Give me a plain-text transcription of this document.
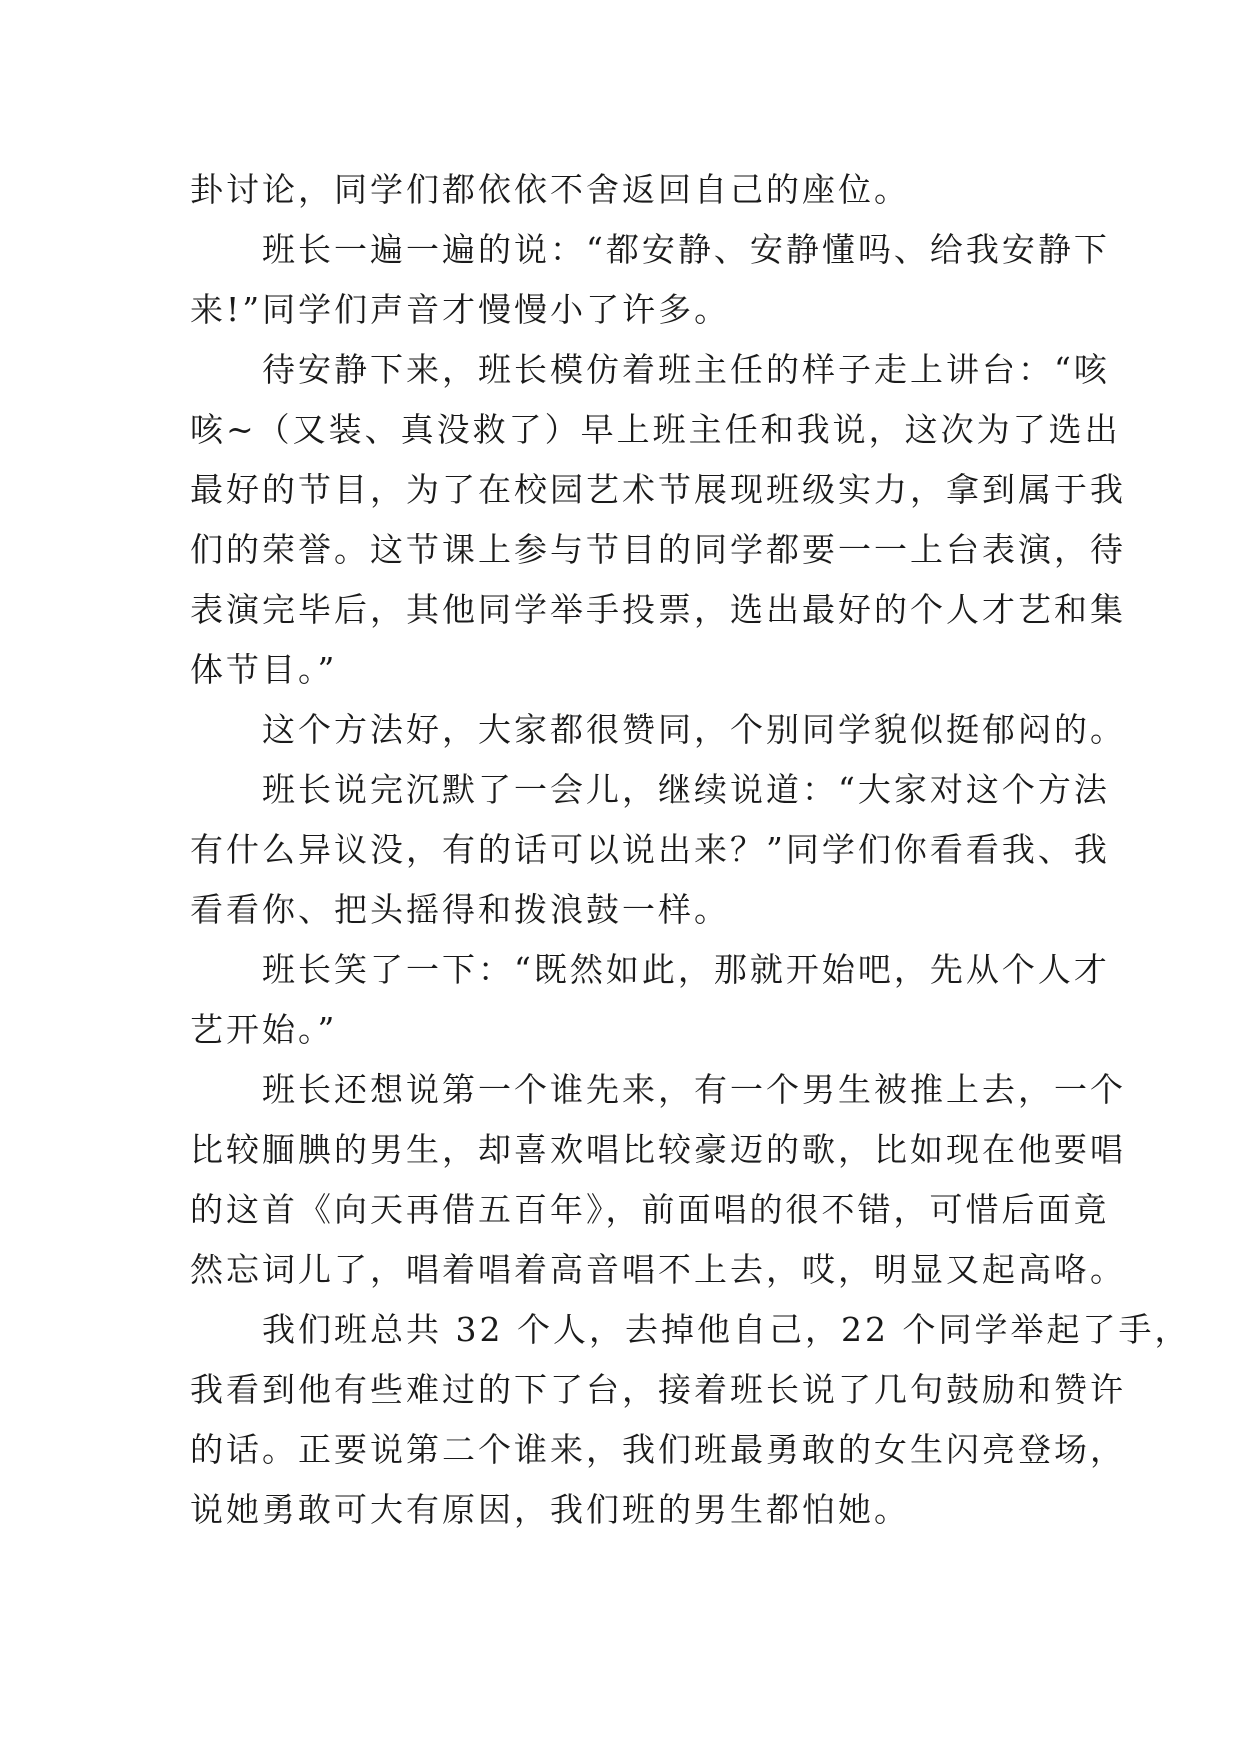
卦讨论，同学们都依依不舍返回自己的座位。

　　班长一遍一遍的说：“都安静、安静懂吗、给我安静下

来!”同学们声音才慢慢小了许多。

　　待安静下来，班长模仿着班主任的样子走上讲台：“咳

咳~（又装、真没救了）早上班主任和我说，这次为了选出

最好的节目，为了在校园艺术节展现班级实力，拿到属于我

们的荣誉。这节课上参与节目的同学都要一一上台表演，待

表演完毕后，其他同学举手投票，选出最好的个人才艺和集

体节目。”

　　这个方法好，大家都很赞同，个别同学貌似挺郁闷的。

　　班长说完沉默了一会儿，继续说道：“大家对这个方法

有什么异议没，有的话可以说出来？”同学们你看看我、我

看看你、把头摇得和拨浪鼓一样。

　　班长笑了一下：“既然如此，那就开始吧，先从个人才

艺开始。”

　　班长还想说第一个谁先来，有一个男生被推上去，一个

比较腼腆的男生，却喜欢唱比较豪迈的歌，比如现在他要唱

的这首《向天再借五百年》，前面唱的很不错，可惜后面竟

然忘词儿了，唱着唱着高音唱不上去，哎，明显又起高咯。

　　我们班总共 32 个人，去掉他自己，22 个同学举起了手，

我看到他有些难过的下了台，接着班长说了几句鼓励和赞许

的话。正要说第二个谁来，我们班最勇敢的女生闪亮登场，

说她勇敢可大有原因，我们班的男生都怕她。
